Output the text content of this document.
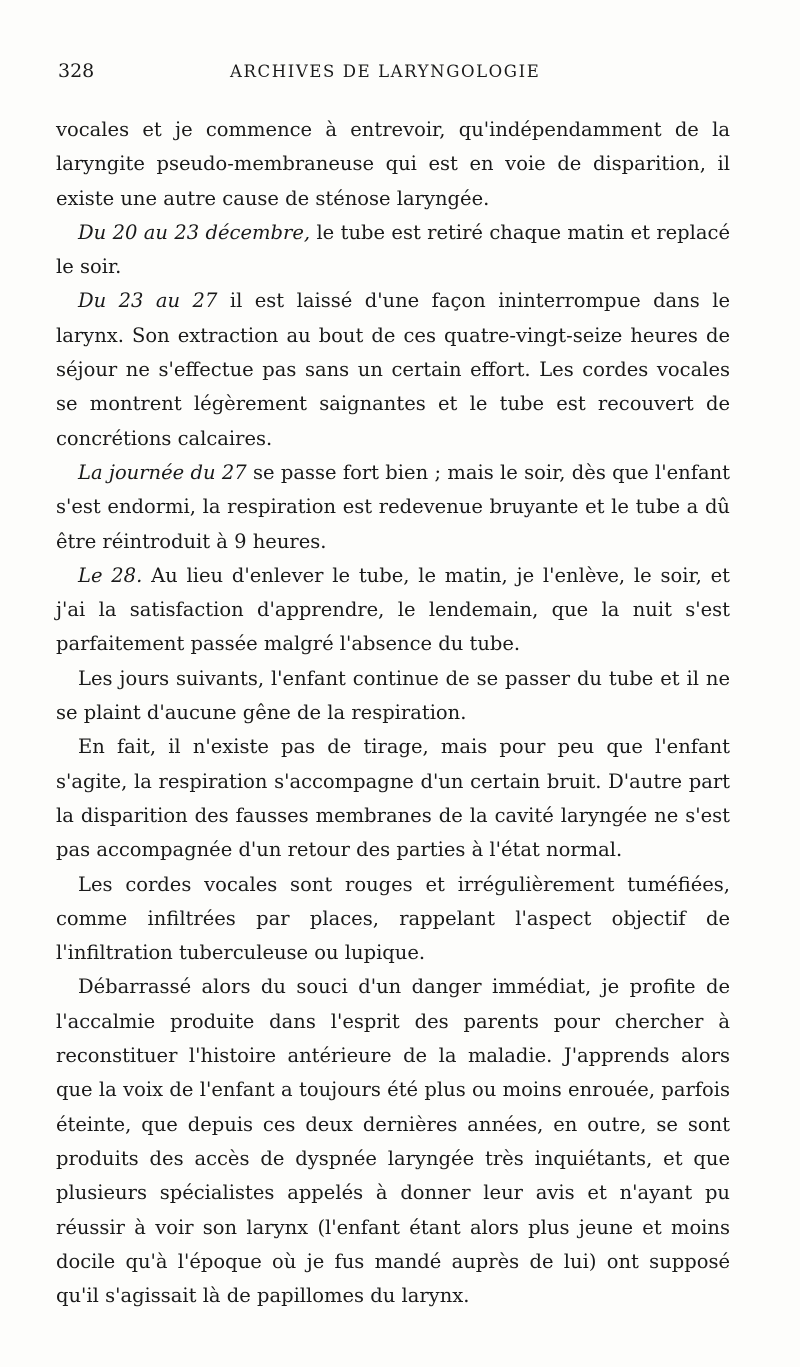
328	ARCHIVES DE LARYNGOLOGIE

vocales et je commence à entrevoir, qu'indépendamment de la laryngite pseudo-membraneuse qui est en voie de disparition, il existe une autre cause de sténose laryngée.

Du 20 au 23 décembre, le tube est retiré chaque matin et replacé le soir.

Du 23 au 27 il est laissé d'une façon ininterrompue dans le larynx. Son extraction au bout de ces quatre-vingt-seize heures de séjour ne s'effectue pas sans un certain effort. Les cordes vocales se montrent légèrement saignantes et le tube est recouvert de concrétions calcaires.

La journée du 27 se passe fort bien ; mais le soir, dès que l'enfant s'est endormi, la respiration est redevenue bruyante et le tube a dû être réintroduit à 9 heures.

Le 28. Au lieu d'enlever le tube, le matin, je l'enlève, le soir, et j'ai la satisfaction d'apprendre, le lendemain, que la nuit s'est parfaitement passée malgré l'absence du tube.

Les jours suivants, l'enfant continue de se passer du tube et il ne se plaint d'aucune gêne de la respiration.

En fait, il n'existe pas de tirage, mais pour peu que l'enfant s'agite, la respiration s'accompagne d'un certain bruit. D'autre part la disparition des fausses membranes de la cavité laryngée ne s'est pas accompagnée d'un retour des parties à l'état normal.

Les cordes vocales sont rouges et irrégulièrement tuméfiées, comme infiltrées par places, rappelant l'aspect objectif de l'infiltration tuberculeuse ou lupique.

Débarrassé alors du souci d'un danger immédiat, je profite de l'accalmie produite dans l'esprit des parents pour chercher à reconstituer l'histoire antérieure de la maladie. J'apprends alors que la voix de l'enfant a toujours été plus ou moins enrouée, parfois éteinte, que depuis ces deux dernières années, en outre, se sont produits des accès de dyspnée laryngée très inquiétants, et que plusieurs spécialistes appelés à donner leur avis et n'ayant pu réussir à voir son larynx (l'enfant étant alors plus jeune et moins docile qu'à l'époque où je fus mandé auprès de lui) ont supposé qu'il s'agissait là de papillomes du larynx.
